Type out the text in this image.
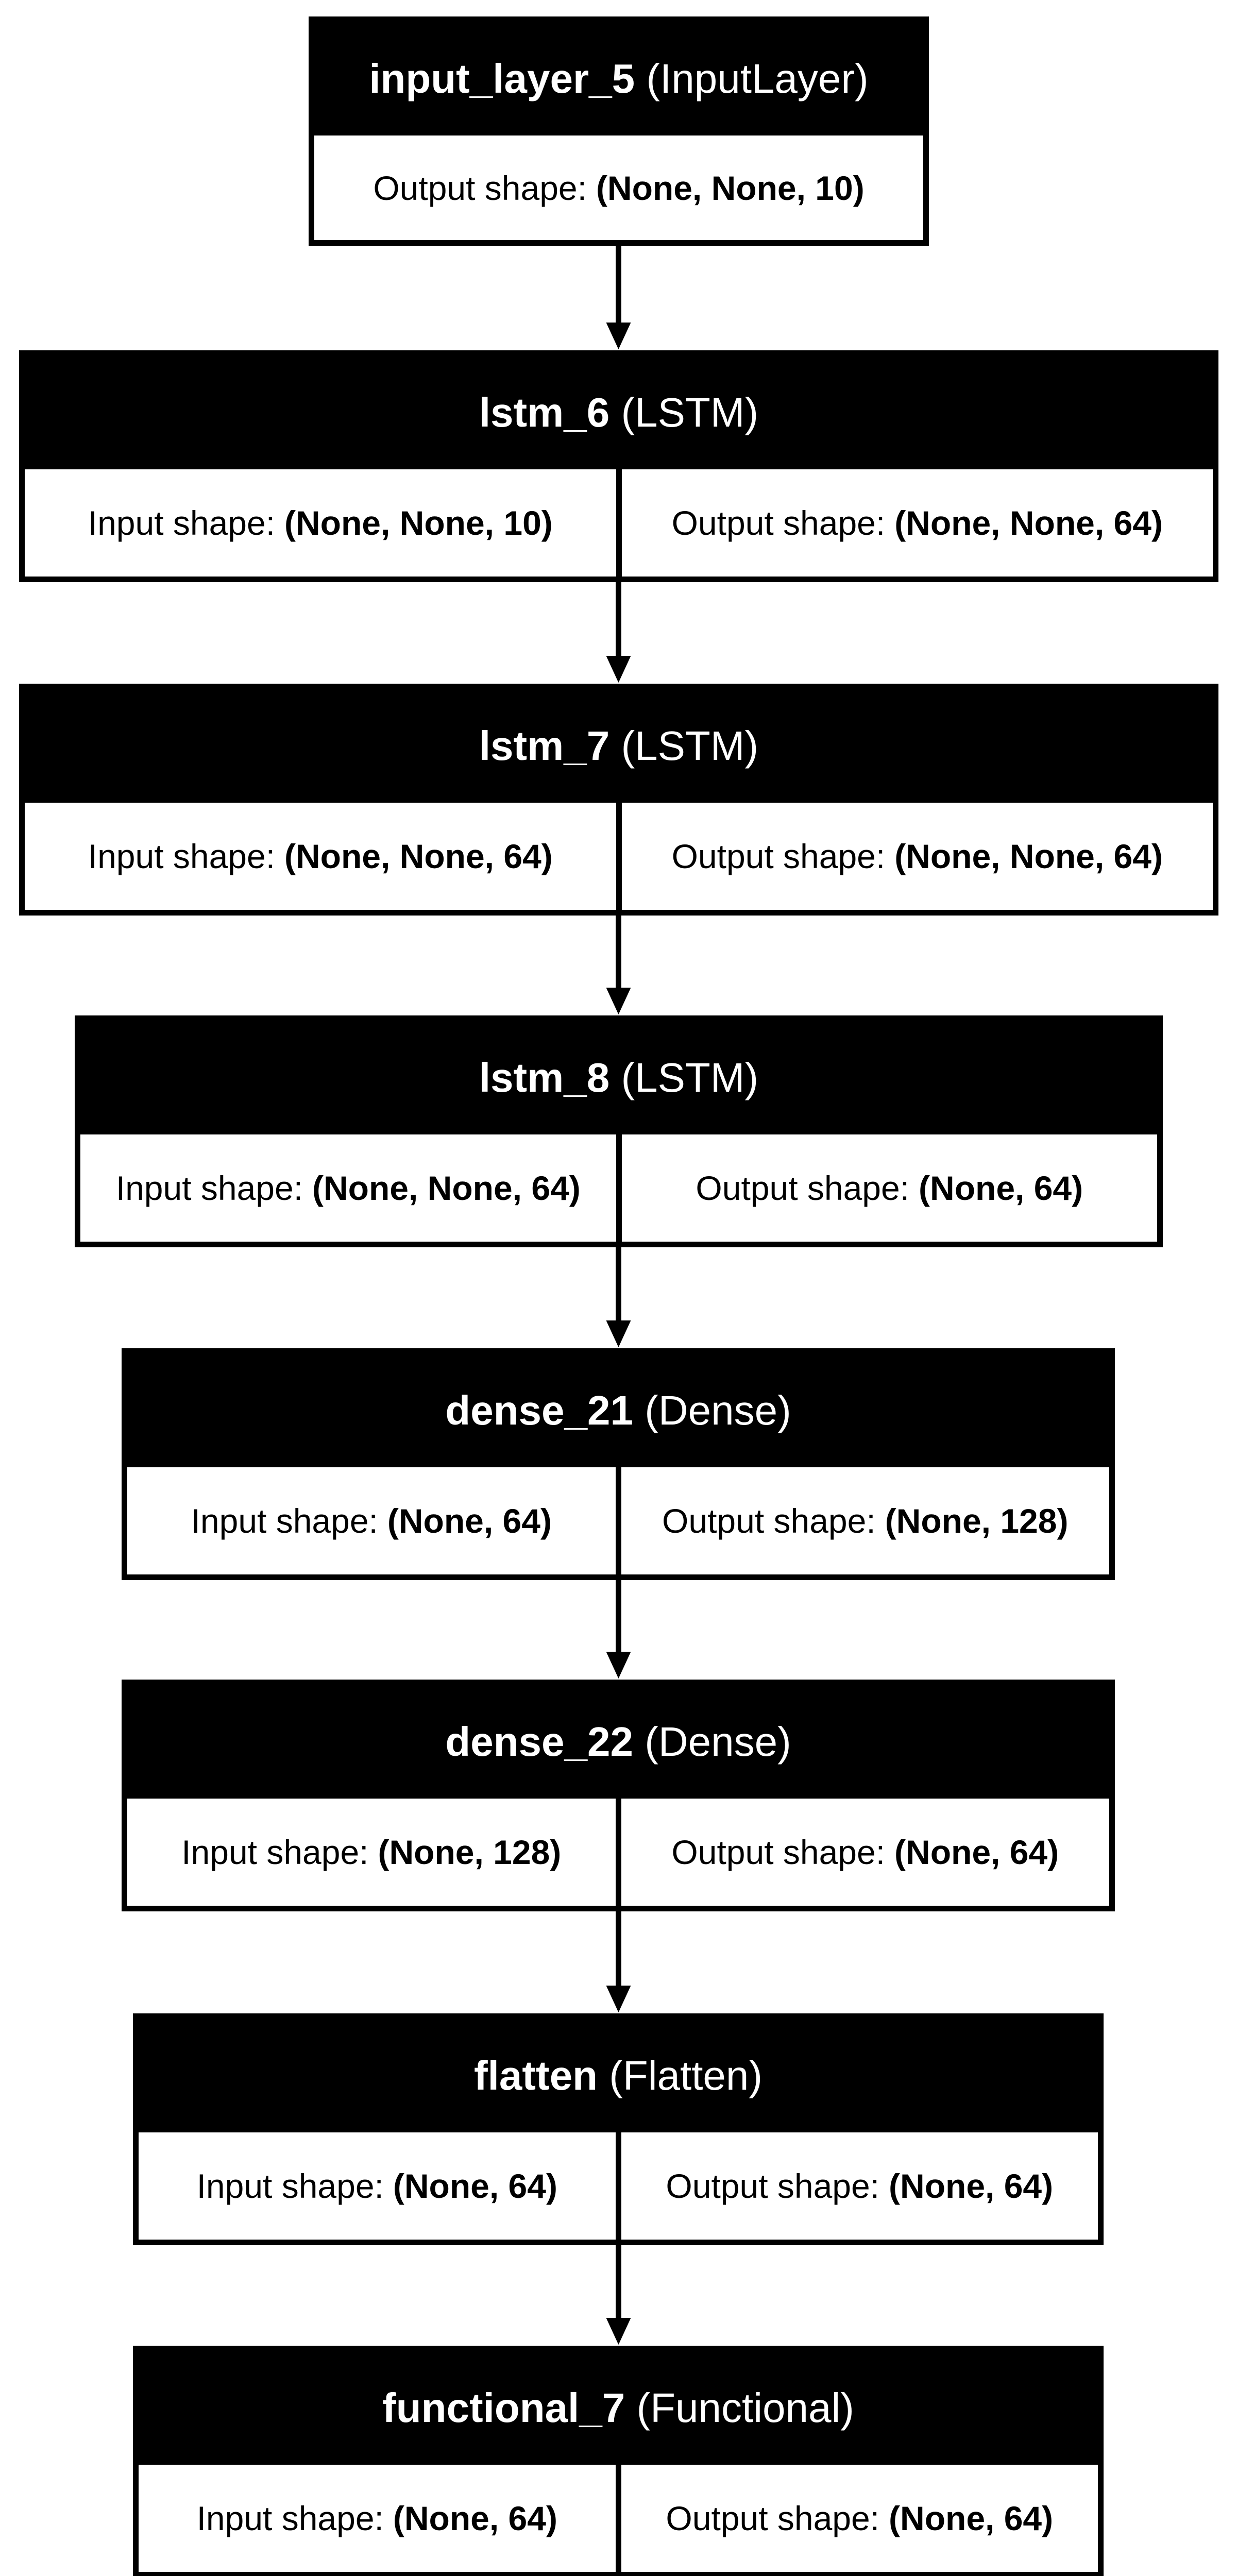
input_layer_5
(InputLayer)
Output shape: (None, None, 10)
lstm_6
(LSTM)
Input shape: (None, None, 10)	Output shape: (None, None, 64)
lstm_7
(LSTM)
Input shape: (None, None, 64)	Output shape: (None, None, 64)
lstm_8
(LSTM)
Input shape: (None, None, 64)	Output shape: (None, 64)
dense_21
(Dense)
Input shape: (None, 64)	Output shape: (None, 128)
dense_22
(Dense)
Input shape: (None, 128)	Output shape: (None, 64)
flatten
(Flatten)
Input shape: (None, 64)	Output shape: (None, 64)
functional_7
(Functional)
Input shape: (None, 64)	Output shape: (None, 64)
